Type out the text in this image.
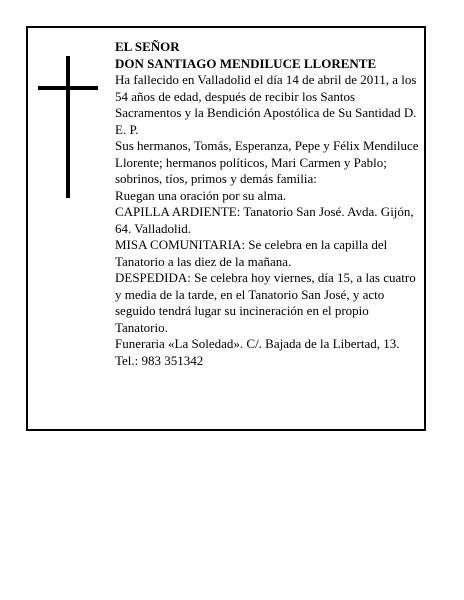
EL SEÑOR

DON SANTIAGO MENDILUCE LLORENTE

Ha fallecido en Valladolid el día 14 de abril de 2011, a los 54 años de edad, después de recibir los Santos Sacramentos y la Bendición Apostólica de Su Santidad D. E. P.

Sus hermanos, Tomás, Esperanza, Pepe y Félix Mendiluce Llorente; hermanos políticos, Mari Carmen y Pablo; sobrinos, tíos, primos y demás familia:

Ruegan una oración por su alma.

CAPILLA ARDIENTE: Tanatorio San José. Avda. Gijón, 64. Valladolid.

MISA COMUNITARIA: Se celebra en la capilla del Tanatorio a las diez de la mañana.

DESPEDIDA: Se celebra hoy viernes, día 15, a las cuatro y media de la tarde, en el Tanatorio San José, y acto seguido tendrá lugar su incineración en el propio Tanatorio.

Funeraria «La Soledad». C/. Bajada de la Libertad, 13.

Tel.: 983 351342
